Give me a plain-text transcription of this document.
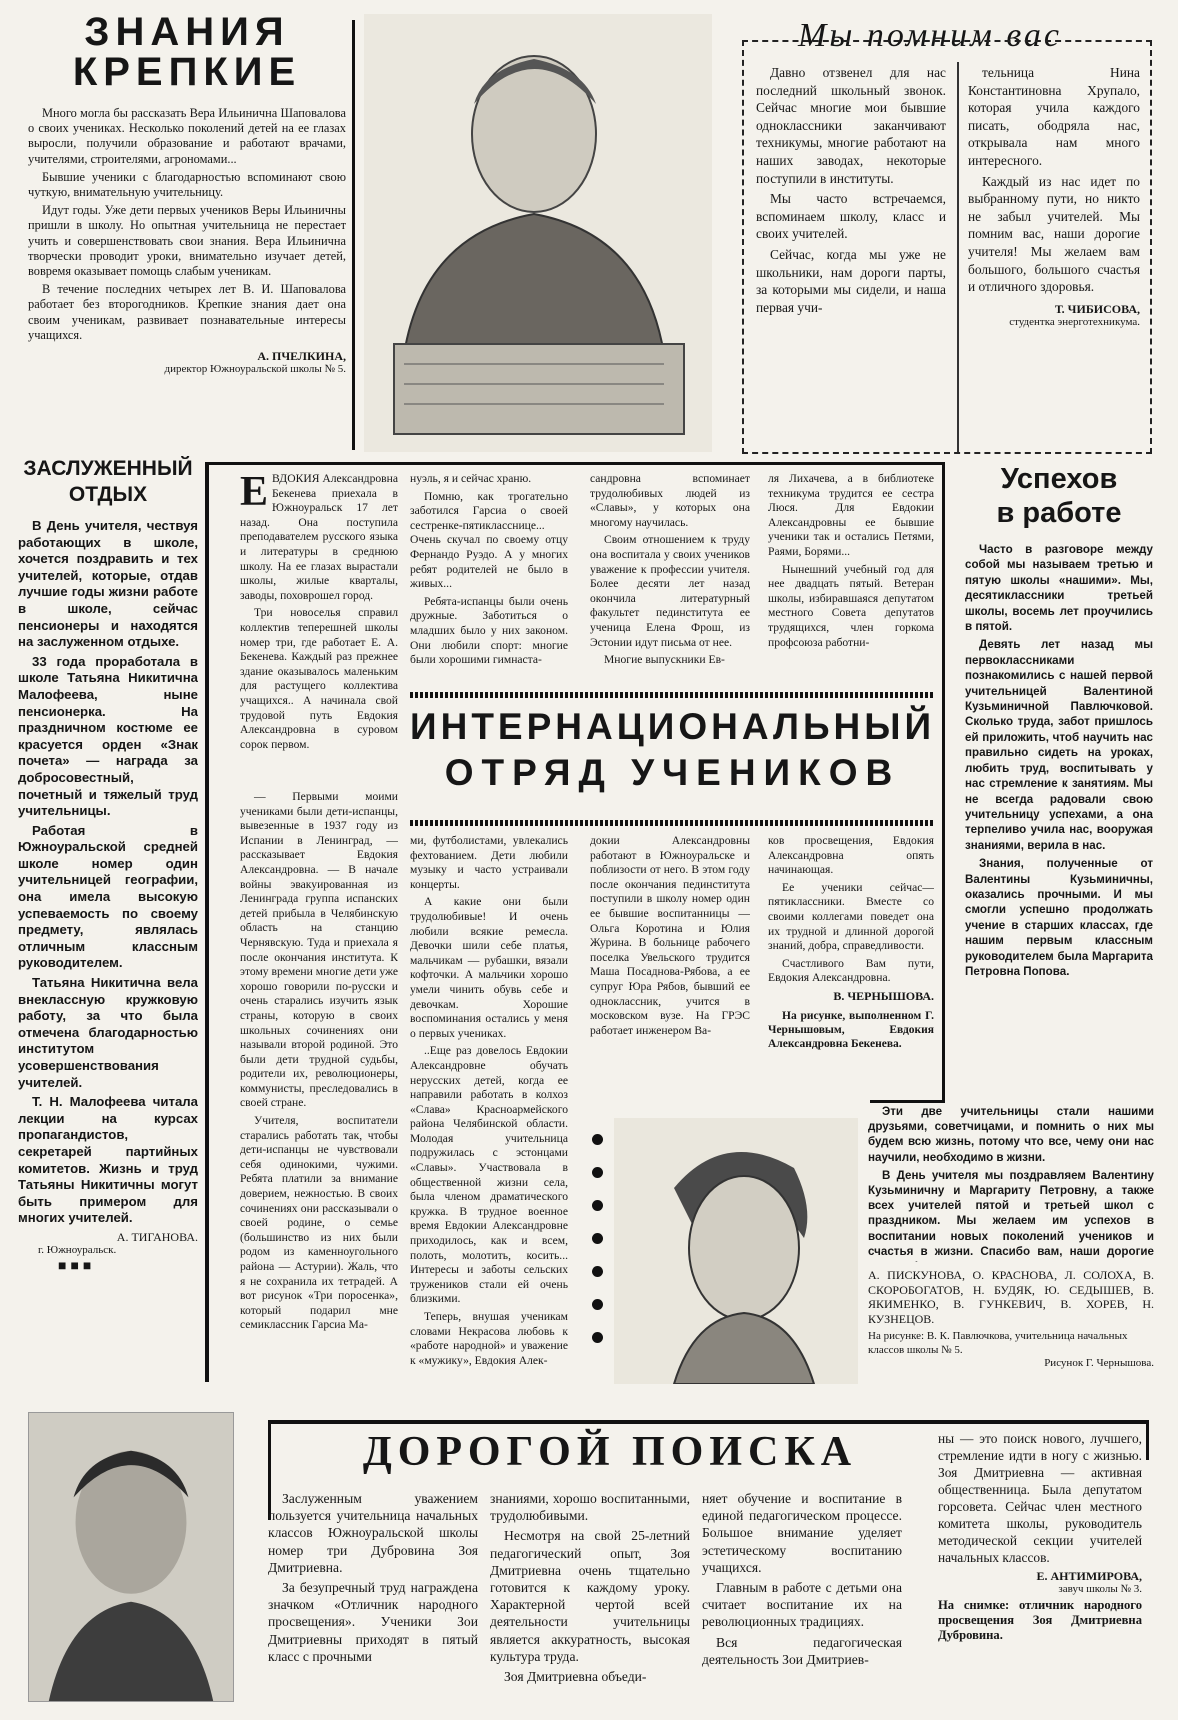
ЗНАНИЯ
КРЕПКИЕ

Много могла бы рассказать Вера Ильинична Шаповалова о своих учениках. Несколько поколений детей на ее глазах выросли, получили образование и работают врачами, учителями, строителями, агрономами...

Бывшие ученики с благодарностью вспоминают свою чуткую, внимательную учительницу.

Идут годы. Уже дети первых учеников Веры Ильиничны пришли в школу. Но опытная учительница не перестает учить и совершенствовать свои знания. Вера Ильинична творчески проводит уроки, внимательно изучает детей, вовремя оказывает помощь слабым ученикам.

В течение последних четырех лет В. И. Шаповалова работает без второгодников. Крепкие знания дает она своим ученикам, развивает познавательные интересы учащихся.

А. ПЧЕЛКИНА,
директор Южноуральской школы № 5.
Мы помним вас

Давно отзвенел для нас последний школьный звонок. Сейчас многие мои бывшие одноклассники заканчивают техникумы, многие работают на наших заводах, некоторые поступили в институты.

Мы часто встречаемся, вспоминаем школу, класс и своих учителей.

Сейчас, когда мы уже не школьники, нам дороги парты, за которыми мы сидели, и наша первая учи-

тельница Нина Константиновна Хрупало, которая учила каждого писать, ободряла нас, открывала нам много интересного.

Каждый из нас идет по выбранному пути, но никто не забыл учителей. Мы помним вас, наши дорогие учителя! Мы желаем вам большого, большого счастья и отличного здоровья.

Т. ЧИБИСОВА,
студентка энерготехникума.
ЗАСЛУЖЕННЫЙ
ОТДЫХ

В День учителя, чествуя работающих в школе, хочется поздравить и тех учителей, которые, отдав лучшие годы жизни работе в школе, сейчас пенсионеры и находятся на заслуженном отдыхе.

33 года проработала в школе Татьяна Никитична Малофеева, ныне пенсионерка. На праздничном костюме ее красуется орден «Знак почета» — награда за добросовестный, почетный и тяжелый труд учительницы.

Работая в Южноуральской средней школе номер один учительницей географии, она имела высокую успеваемость по своему предмету, являлась отличным классным руководителем.

Татьяна Никитична вела внеклассную кружковую работу, за что была отмечена благодарностью институтом усовершенствования учителей.

Т. Н. Малофеева читала лекции на курсах пропагандистов, секретарей партийных комитетов. Жизнь и труд Татьяны Никитичны могут быть примером для многих учителей.

А. ТИГАНОВА.
г. Южноуральск.
■■■

ЕВДОКИЯ Александровна Бекенева приехала в Южноуральск 17 лет назад. Она поступила преподавателем русского языка и литературы в среднюю школу. На ее глазах вырастали школы, жилые кварталы, заводы, поховрошел город.

Три новоселья справил коллектив теперешней школы номер три, где работает Е. А. Бекенева. Каждый раз прежнее здание оказывалось маленьким для растущего коллектива учащихся.. А начинала свой трудовой путь Евдокия Александровна в суровом сорок первом.

нуэль, я и сейчас храню.

Помню, как трогательно заботился Гарсиа о своей сестренке-пятикласснице... Очень скучал по своему отцу Фернандо Руэдо. А у многих ребят родителей не было в живых...

Ребята-испанцы были очень дружные. Заботиться о младших было у них законом. Они любили спорт: многие были хорошими гимнаста-

сандровна вспоминает трудолюбивых людей из «Славы», у которых она многому научилась.

Своим отношением к труду она воспитала у своих учеников уважение к профессии учителя. Более десяти лет назад окончила литературный факультет пединститута ее ученица Елена Фрош, из Эстонии идут письма от нее.

Многие выпускники Ев-

ля Лихачева, а в библиотеке техникума трудится ее сестра Люся. Для Евдокии Александровны ее бывшие ученики так и остались Петями, Раями, Борями...

Нынешний учебный год для нее двадцать пятый. Ветеран школы, избиравшаяся депутатом местного Совета депутатов трудящихся, член горкома профсоюза работни-

ИНТЕРНАЦИОНАЛЬНЫЙ
ОТРЯД УЧЕНИКОВ

— Первыми моими учениками были дети-испанцы, вывезенные в 1937 году из Испании в Ленинград, — рассказывает Евдокия Александровна. — В начале войны эвакуированная из Ленинграда группа испанских детей прибыла в Челябинскую область на станцию Чернявскую. Туда и приехала я после окончания института. К этому времени многие дети уже хорошо говорили по-русски и очень старались изучить язык страны, которую в своих школьных сочинениях они называли второй родиной. Это были дети трудной судьбы, родители их, революционеры, коммунисты, преследовались в своей стране.

Учителя, воспитатели старались работать так, чтобы дети-испанцы не чувствовали себя одинокими, чужими. Ребята платили за внимание доверием, нежностью. В своих сочинениях они рассказывали о своей родине, о семье (большинство из них были родом из каменноугольного района — Астурии). Жаль, что я не сохранила их тетрадей. А вот рисунок «Три поросенка», который подарил мне семиклассник Гарсиа Ма-

ми, футболистами, увлекались фехтованием. Дети любили музыку и часто устраивали концерты.

А какие они были трудолюбивые! И очень любили всякие ремесла. Девочки шили себе платья, мальчикам — рубашки, вязали кофточки. А мальчики хорошо умели чинить обувь себе и девочкам. Хорошие воспоминания остались у меня о первых учениках.

..Еще раз довелось Евдокии Александровне обучать нерусских детей, когда ее направили работать в колхоз «Слава» Красноармейского района Челябинской области. Молодая учительница подружилась с эстонцами «Славы». Участвовала в общественной жизни села, была членом драматического кружка. В трудное военное время Евдокии Александровне приходилось, как и всем, полоть, молотить, косить... Интересы и заботы сельских тружеников стали ей очень близкими.

Теперь, внушая ученикам словами Некрасова любовь к «работе народной» и уважение к «мужику», Евдокия Алек-

докии Александровны работают в Южноуральске и поблизости от него. В этом году после окончания пединститута поступили в школу номер один ее бывшие воспитанницы — Ольга Коротина и Юлия Журина. В больнице рабочего поселка Увельского трудится Маша Посаднова-Рябова, а ее супруг Юра Рябов, бывший ее одноклассник, учится в московском вузе. На ГРЭС работает инженером Ва-

ков просвещения, Евдокия Александровна опять начинающая.

Ее ученики сейчас—пятиклассники. Вместе со своими коллегами поведет она их трудной и длинной дорогой знаний, добра, справедливости.

Счастливого Вам пути, Евдокия Александровна.

В. ЧЕРНЫШОВА.

На рисунке, выполненном Г. Чернышовым, Евдокия Александровна Бекенева.

Успехов
в работе

Часто в разговоре между собой мы называем третью и пятую школы «нашими». Мы, десятиклассники третьей школы, восемь лет проучились в пятой.

Девять лет назад мы первоклассниками познакомились с нашей первой учительницей Валентиной Кузьминичной Павлючковой. Сколько труда, забот пришлось ей приложить, чтоб научить нас правильно сидеть на уроках, любить труд, воспитывать у нас стремление к занятиям. Мы не всегда радовали свою учительницу успехами, а она терпеливо учила нас, вооружая знаниями, верила в нас.

Знания, полученные от Валентины Кузьминичны, оказались прочными. И мы смогли успешно продолжать учение в старших классах, где нашим первым классным руководителем была Маргарита Петровна Попова.

Эти две учительницы стали нашими друзьями, советчицами, и помнить о них мы будем всю жизнь, потому что все, чему они нас научили, необходимо в жизни.

В День учителя мы поздравляем Валентину Кузьминичну и Маргариту Петровну, а также всех учителей пятой и третьей школ с праздником. Мы желаем им успехов в воспитании новых поколений учеников и счастья в жизни. Спасибо вам, наши дорогие

А. ПИСКУНОВА, О. КРАСНОВА, Л. СОЛОХА, В. СКОРОБОГАТОВ, Н. БУДЯК, Ю. СЕДЫШЕВ, В. ЯКИМЕНКО, В. ГУНКЕВИЧ, В. ХОРЕВ, Н. КУЗНЕЦОВ.
На рисунке: В. К. Павлючкова, учительница начальных классов школы № 5.
Рисунок Г. Чернышова.
ДОРОГОЙ ПОИСКА

Заслуженным уважением пользуется учительница начальных классов Южноуральской школы номер три Дубровина Зоя Дмитриевна.

За безупречный труд награждена значком «Отличник народного просвещения». Ученики Зои Дмитриевны приходят в пятый класс с прочными

знаниями, хорошо воспитанными, трудолюбивыми.

Несмотря на свой 25-летний педагогический опыт, Зоя Дмитриевна очень тщательно готовится к каждому уроку. Характерной чертой всей деятельности учительницы является аккуратность, высокая культура труда.

Зоя Дмитриевна объеди-

няет обучение и воспитание в единой педагогическом процессе. Большое внимание уделяет эстетическому воспитанию учащихся.

Главным в работе с детьми она считает воспитание их на революционных традициях.

Вся педагогическая деятельность Зои Дмитриев-

ны — это поиск нового, лучшего, стремление идти в ногу с жизнью. Зоя Дмитриевна — активная общественница. Была депутатом горсовета. Сейчас член местного комитета школы, руководитель методической секции учителей начальных классов.

Е. АНТИМИРОВА,
завуч школы № 3.

На снимке: отличник народного просвещения Зоя Дмитриевна Дубровина.
